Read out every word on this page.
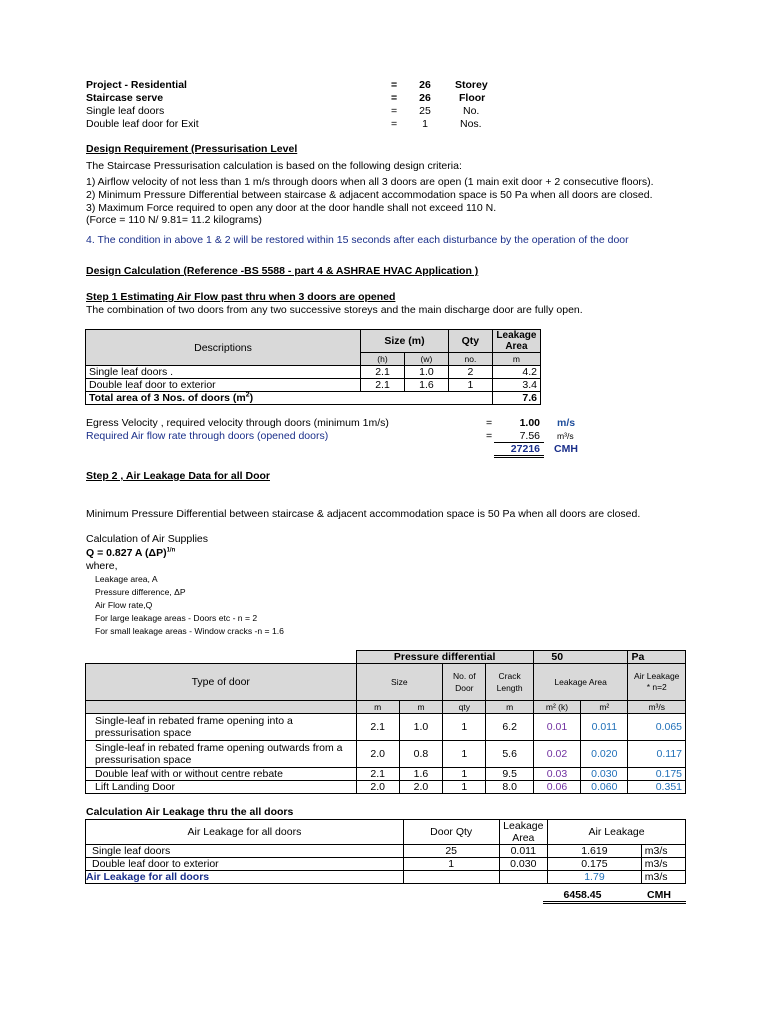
Project - Residential	=	26	Storey
Staircase serve	=	26	Floor
Single leaf doors	=	25	No.
Double leaf door for Exit	=	1	Nos.
Design Requirement (Pressurisation Level
The Staircase Pressurisation calculation is based on the following design criteria:
1) Airflow velocity of not less than 1 m/s through doors when all 3 doors are open (1 main exit door + 2 consecutive floors).
2) Minimum Pressure Differential between staircase & adjacent accommodation space is 50 Pa when all doors are closed.
3) Maximum Force required to open any door at the door handle shall not exceed 110 N.
(Force = 110 N/ 9.81= 11.2 kilograms)
4. The condition in above 1 & 2 will be restored within 15 seconds after each disturbance by the operation of the door
Design Calculation (Reference -BS 5588 - part 4 & ASHRAE HVAC Application )
Step 1 Estimating Air Flow past thru when 3 doors are opened
The combination of two doors from any two successive storeys and the main discharge door are fully open.
Descriptions	Size (m)		Qty	Leakage Area
	(h)	(w)	no.	m
Single leaf doors .	2.1	1.0	2	4.2
Double leaf door to exterior	2.1	1.6	1	3.4
Total area of 3 Nos. of doors $(m^2)$				7.6
Egress Velocity , required velocity through doors (minimum 1m/s)	=	1.00 m/s
Required Air flow rate through doors (opened doors)	=	7.56 m³/s
27216 CMH
Step 2 , Air Leakage Data for all Door
Minimum Pressure Differential between staircase & adjacent accommodation space is 50 Pa when all doors are closed.
Calculation of Air Supplies
Q = 0.827 A $(\Delta P)^{1/n}$
where,
Leakage area, A
Pressure difference, ΔP
Air Flow rate,Q
For large leakage areas - Doors etc - n = 2
For small leakage areas - Window cracks -n = 1.6
	Pressure differential				50		Pa
Type of door	Size		No. of Door	Crack Length	Leakage Area		Air Leakage * n=2
	m	m	qty	m	m² (k)	m²	m³/s
Single-leaf in rebated frame opening into a pressurisation space	2.1	1.0	1	6.2	0.01	0.011	0.065
Single-leaf in rebated frame opening outwards from a pressurisation space	2.0	0.8	1	5.6	0.02	0.020	0.117
Double leaf with or without centre rebate	2.1	1.6	1	9.5	0.03	0.030	0.175
Lift Landing Door	2.0	2.0	1	8.0	0.06	0.060	0.351
Calculation Air Leakage thru the all doors
Air Leakage for all doors	Door Qty	Leakage Area	Air Leakage	
Single leaf doors	25	0.011	1.619	m3/s
Double leaf door to exterior	1	0.030	0.175	m3/s
Air Leakage for all doors			1.79	m3/s
6458.45	CMH
